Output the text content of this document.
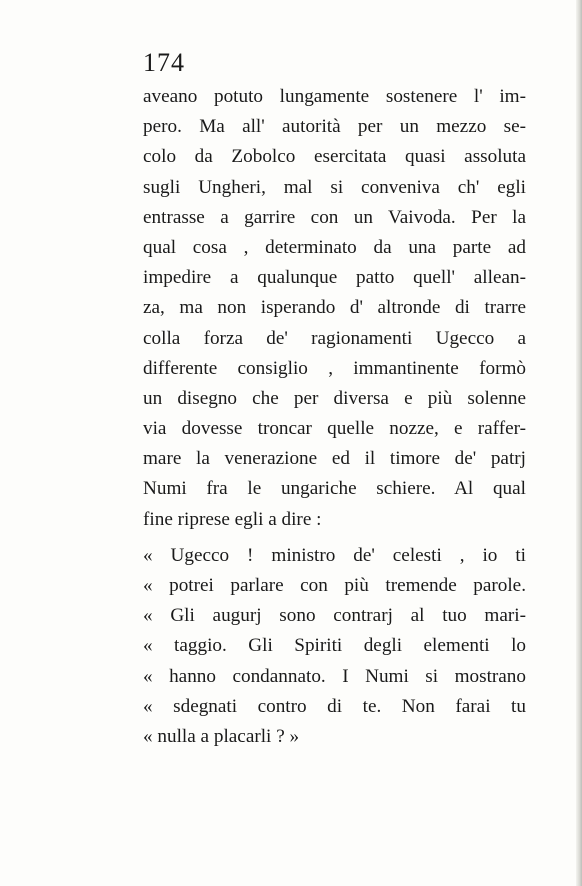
174
aveano potuto lungamente sostenere l' im-
pero. Ma all' autorità per un mezzo se-
colo da Zobolco esercitata quasi assoluta
sugli Ungheri, mal si conveniva ch' egli
entrasse a garrire con un Vaivoda. Per la
qual cosa , determinato da una parte ad
impedire a qualunque patto quell' allean-
za, ma non isperando d' altronde di trarre
colla forza de' ragionamenti Ugecco a
differente consiglio , immantinente formò
un disegno che per diversa e più solenne
via dovesse troncar quelle nozze, e raffer-
mare la venerazione ed il timore de' patrj
Numi fra le ungariche schiere. Al qual
fine riprese egli a dire :
« Ugecco ! ministro de' celesti , io ti
« potrei parlare con più tremende parole.
« Gli augurj sono contrarj al tuo mari-
« taggio. Gli Spiriti degli elementi lo
« hanno condannato. I Numi si mostrano
« sdegnati contro di te. Non farai tu
« nulla a placarli ? »
